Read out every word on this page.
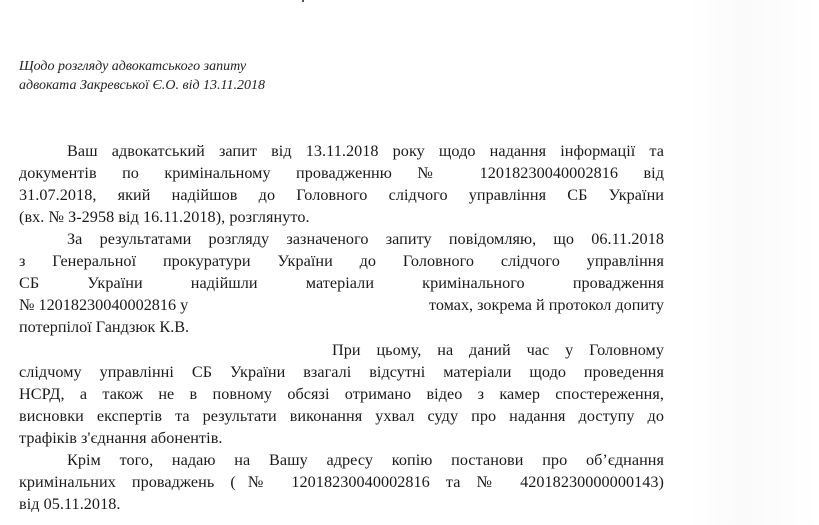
Щодо розгляду адвокатського запиту
адвоката Закревської Є.О. від 13.11.2018
Ваш адвокатський запит від 13.11.2018 року щодо надання інформації та
документів по кримінальному провадженню № 12018230040002816 від
31.07.2018, який надійшов до Головного слідчого управління СБ України
(вх. № З-2958 від 16.11.2018), розглянуто.
За результатами розгляду зазначеного запиту повідомляю, що 06.11.2018
з Генеральної прокуратури України до Головного слідчого управління
СБ України надійшли матеріали кримінального провадження
№ 12018230040002816 у	томах, зокрема й протокол допиту
потерпілої Гандзюк К.В.
При цьому, на даний час у Головному
слідчому управлінні СБ України взагалі відсутні матеріали щодо проведення
НСРД, а також не в повному обсязі отримано відео з камер спостереження,
висновки експертів та результати виконання ухвал суду про надання доступу до
трафіків з'єднання абонентів.
Крім того, надаю на Вашу адресу копію постанови про об’єднання
кримінальних проваджень (№ 12018230040002816 та № 42018230000000143)
від 05.11.2018.
